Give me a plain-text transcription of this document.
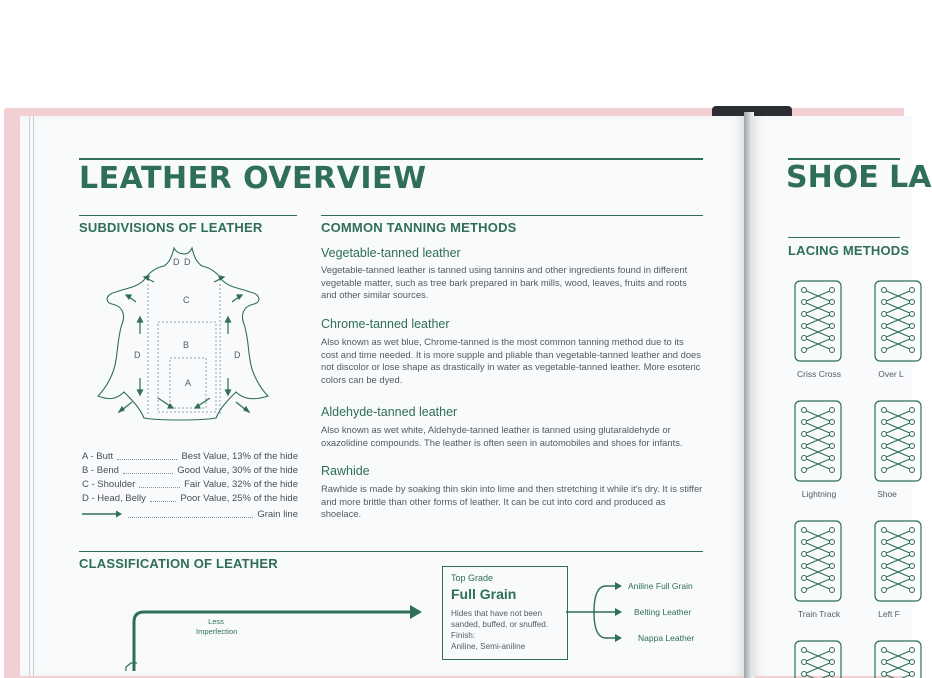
LEATHER OVERVIEW
SUBDIVISIONS OF LEATHER
D D
C
B
A
D	D
A - Butt	Best Value, 13% of the hide
B - Bend	Good Value, 30% of the hide
C - Shoulder	Fair Value, 32% of the hide
D - Head, Belly	Poor Value, 25% of the hide
Grain line
COMMON TANNING METHODS
Vegetable-tanned leather

Vegetable-tanned leather is tanned using tannins and other ingredients found in different vegetable matter, such as tree bark prepared in bark mills, wood, leaves, fruits and roots and other similar sources.

Chrome-tanned leather

Also known as wet blue, Chrome-tanned is the most common tanning method due to its cost and time needed. It is more supple and pliable than vegetable-tanned leather and does not discolor or lose shape as drastically in water as vegetable-tanned leather. More esoteric colors can be dyed.

Aldehyde-tanned leather

Also known as wet white, Aldehyde-tanned leather is tanned using glutaraldehyde or oxazolidine compounds. The leather is often seen in automobiles and shoes for infants.

Rawhide

Rawhide is made by soaking thin skin into lime and then stretching it while it's dry. It is stiffer and more brittle than other forms of leather. It can be cut into cord and produced as shoelace.

CLASSIFICATION OF LEATHER
Less
Imperfection
Top Grade
Full Grain
Hides that have not been sanded, buffed, or snuffed.
Finish:
Aniline, Semi-aniline
Aniline Full Grain
Belting Leather
Nappa Leather
SHOE LA
LACING METHODS
Criss Cross	Over L
Lightning	Shoe
Train Track	Left F
